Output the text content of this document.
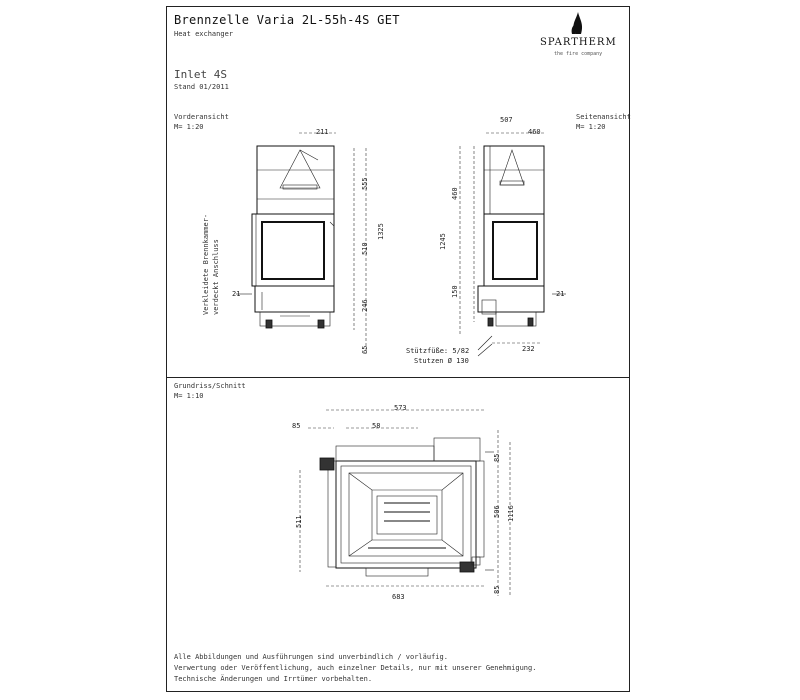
Brennzelle Varia 2L-55h-4S GET
Heat exchanger
Inlet 4S
Stand 01/2011
SPARTHERM
the fire company
Vorderansicht
M= 1:20
Verkleidete Brennkammer- verdeckt Anschluss
Seitenansicht
M= 1:20
211
555
510
1325
246
65
21
507
460
460
1245
150
232
21
Stützfüße: 5/82
Stutzen Ø 130
Grundriss/Schnitt
M= 1:10
573
85	58
511
506 1116
683
85
85
Alle Abbildungen und Ausführungen sind unverbindlich / vorläufig.
Verwertung oder Veröffentlichung, auch einzelner Details, nur mit unserer Genehmigung.
Technische Änderungen und Irrtümer vorbehalten.
